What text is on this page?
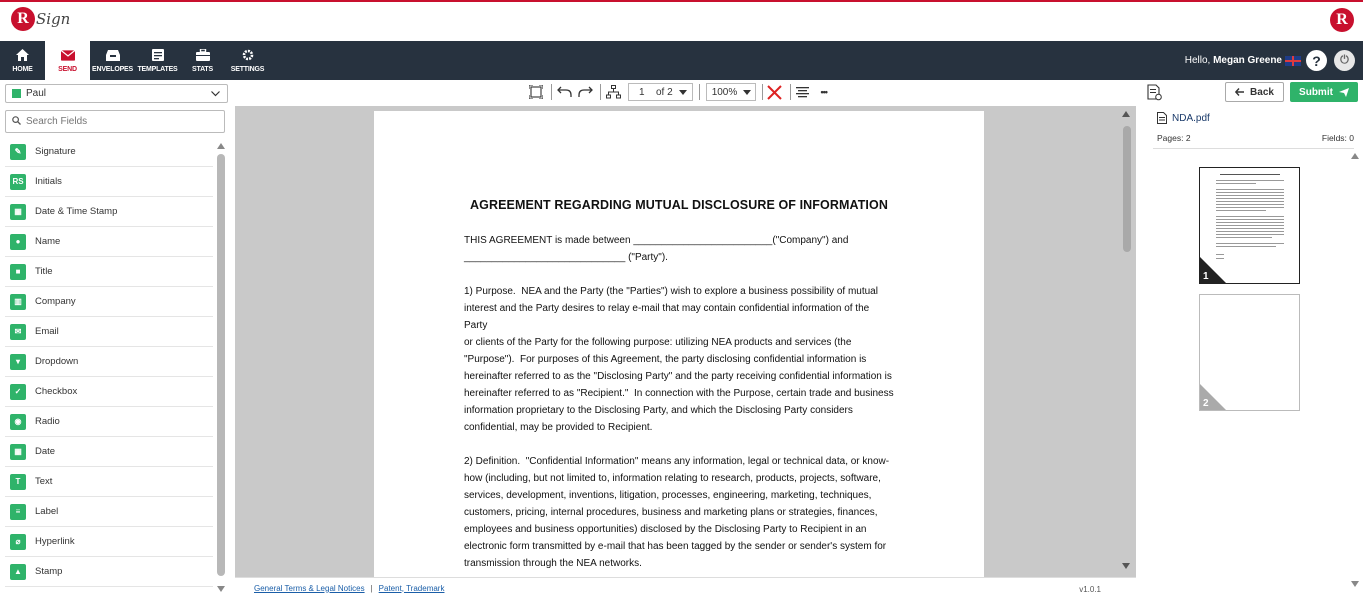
R Sign	R
HOME	SEND ENVELOPES TEMPLATES STATS	SETTINGS
Hello, Megan Greene	?	⏻
Paul
Search Fields
✎	Signature
RS Initials
▦	Date & Time Stamp
●	Name
■	Title
▥	Company
✉	Email
▾	Dropdown
✓	Checkbox
◉	Radio
▦	Date
T	Text
≡	Label
⌀	Hyperlink
▲	Stamp
1	of
2	100%	•••
AGREEMENT REGARDING MUTUAL DISCLOSURE OF INFORMATION

THIS AGREEMENT is made between _________________________("Company") and
_____________________________ ("Party").

1) Purpose.  NEA and the Party (the "Parties") wish to explore a business possibility of mutual
interest and the Party desires to relay e-mail that may contain confidential information of the Party
or clients of the Party for the following purpose: utilizing NEA products and services (the
"Purpose").  For purposes of this Agreement, the party disclosing confidential information is
hereinafter referred to as the "Disclosing Party" and the party receiving confidential information is
hereinafter referred to as "Recipient."  In connection with the Purpose, certain trade and business
information proprietary to the Disclosing Party, and which the Disclosing Party considers
confidential, may be provided to Recipient.

2) Definition.  "Confidential Information" means any information, legal or technical data, or know-
how (including, but not limited to, information relating to research, products, projects, software,
services, development, inventions, litigation, processes, engineering, marketing, techniques,
customers, pricing, internal procedures, business and marketing plans or strategies, finances,
employees and business opportunities) disclosed by the Disclosing Party to Recipient in an
electronic form transmitted by e-mail that has been tagged by the sender or sender's system for
transmission through the NEA networks.

General Terms & Legal Notices | Patent, Trademark	v1.0.1
Back	Submit
NDA.pdf
Pages: 2	Fields: 0
1
2
